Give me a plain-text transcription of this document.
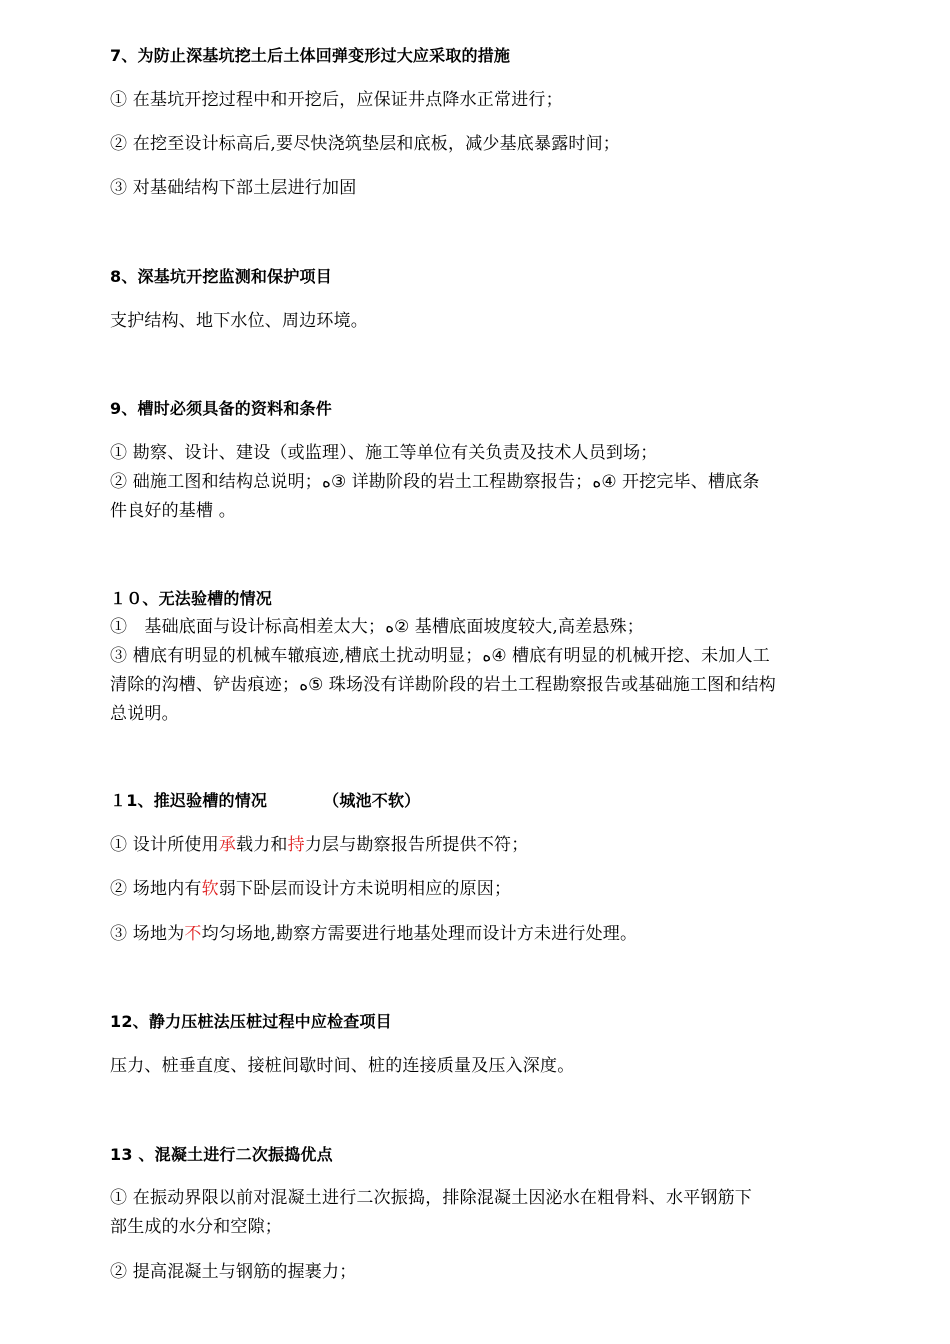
7、为防止深基坑挖土后土体回弹变形过大应采取的措施
① 在基坑开挖过程中和开挖后，应保证井点降水正常进行；
② 在挖至设计标高后,要尽快浇筑垫层和底板，减少基底暴露时间；
③ 对基础结构下部土层进行加固
8、深基坑开挖监测和保护项目
支护结构、地下水位、周边环境。
9、槽时必须具备的资料和条件
① 勘察、设计、建设（或监理）、施工等单位有关负责及技术人员到场；
② 础施工图和结构总说明；ه③ 详勘阶段的岩土工程勘察报告；ه④ 开挖完毕、槽底条
件良好的基槽 。
１０、无法验槽的情况
①　基础底面与设计标高相差太大；ه② 基槽底面坡度较大,高差悬殊；
③ 槽底有明显的机械车辙痕迹,槽底土扰动明显；ه④ 槽底有明显的机械开挖、未加人工
清除的沟槽、铲齿痕迹；ه⑤ 珠场没有详勘阶段的岩土工程勘察报告或基础施工图和结构
总说明。
１1、推迟验槽的情况	（城池不软）
① 设计所使用承载力和持力层与勘察报告所提供不符；
② 场地内有软弱下卧层而设计方未说明相应的原因；
③ 场地为不均匀场地,勘察方需要进行地基处理而设计方未进行处理。
12、静力压桩法压桩过程中应检查项目
压力、桩垂直度、接桩间歇时间、桩的连接质量及压入深度。
13 、混凝土进行二次振捣优点
① 在振动界限以前对混凝土进行二次振捣，排除混凝土因泌水在粗骨料、水平钢筋下
部生成的水分和空隙；
② 提高混凝土与钢筋的握裹力；
